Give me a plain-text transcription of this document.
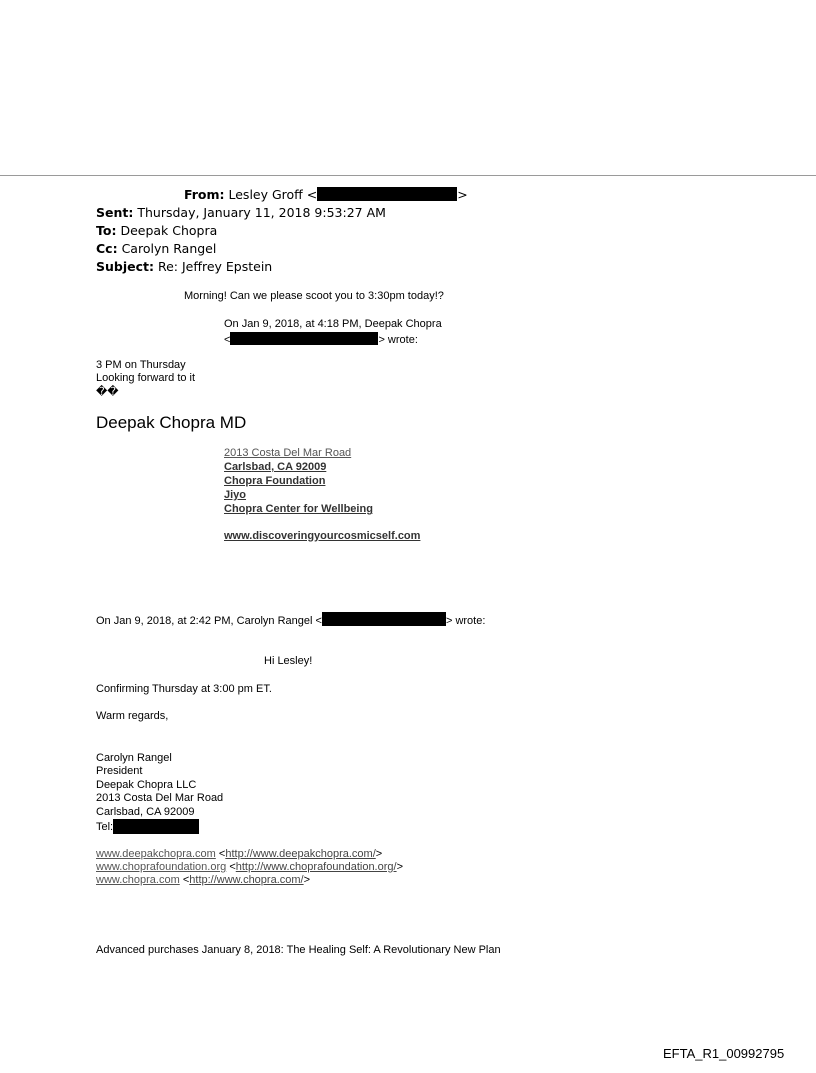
From: Lesley Groff <	>
Sent: Thursday, January 11, 2018 9:53:27 AM
To: Deepak Chopra
Cc: Carolyn Rangel
Subject: Re: Jeffrey Epstein
Morning! Can we please scoot you to 3:30pm today!?
On Jan 9, 2018, at 4:18 PM, Deepak Chopra
<	> wrote:
3 PM on Thursday
Looking forward to it
��
Deepak Chopra MD
2013 Costa Del Mar Road
Carlsbad, CA 92009
Chopra Foundation
Jiyo
Chopra Center for Wellbeing
www.discoveringyourcosmicself.com
On Jan 9, 2018, at 2:42 PM, Carolyn Rangel <	> wrote:
Hi Lesley!
Confirming Thursday at 3:00 pm ET.
Warm regards,
Carolyn Rangel
President
Deepak Chopra LLC
2013 Costa Del Mar Road
Carlsbad, CA 92009
Tel:
www.deepakchopra.com <http://www.deepakchopra.com/>
www.choprafoundation.org <http://www.choprafoundation.org/>
www.chopra.com <http://www.chopra.com/>
Advanced purchases January 8, 2018: The Healing Self: A Revolutionary New Plan
EFTA_R1_00992795
